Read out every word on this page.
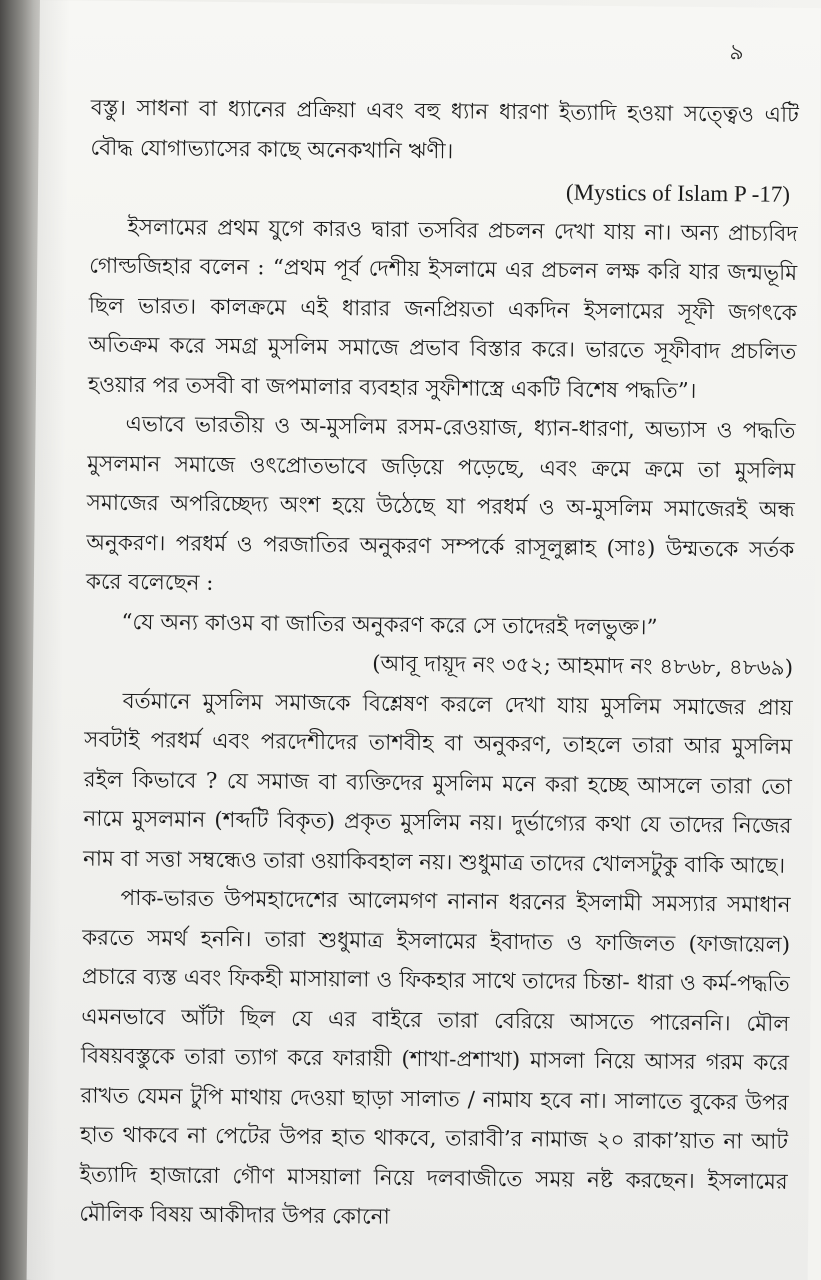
৯

বস্তু। সাধনা বা ধ্যানের প্রক্রিয়া এবং বহু ধ্যান ধারণা ইত্যাদি হওয়া সত্ত্বেও এটি বৌদ্ধ যোগাভ্যাসের কাছে অনেকখানি ঋণী।

(Mystics of Islam P -17)

ইসলামের প্রথম যুগে কারও দ্বারা তসবির প্রচলন দেখা যায় না। অন্য প্রাচ্যবিদ গোল্ডজিহার বলেন : “প্রথম পূর্ব দেশীয় ইসলামে এর প্রচলন লক্ষ করি যার জন্মভূমি ছিল ভারত। কালক্রমে এই ধারার জনপ্রিয়তা একদিন ইসলামের সূফী জগৎকে অতিক্রম করে সমগ্র মুসলিম সমাজে প্রভাব বিস্তার করে। ভারতে সূফীবাদ প্রচলিত হওয়ার পর তসবী বা জপমালার ব্যবহার সুফীশাস্ত্রে একটি বিশেষ পদ্ধতি”।

এভাবে ভারতীয় ও অ-মুসলিম রসম-রেওয়াজ, ধ্যান-ধারণা, অভ্যাস ও পদ্ধতি মুসলমান সমাজে ওৎপ্রোতভাবে জড়িয়ে পড়েছে, এবং ক্রমে ক্রমে তা মুসলিম সমাজের অপরিচ্ছেদ্য অংশ হয়ে উঠেছে যা পরধর্ম ও অ-মুসলিম সমাজেরই অন্ধ অনুকরণ। পরধর্ম ও পরজাতির অনুকরণ সম্পর্কে রাসূলুল্লাহ (সাঃ) উম্মতকে সর্তক করে বলেছেন :

“যে অন্য কাওম বা জাতির অনুকরণ করে সে তাদেরই দলভুক্ত।”

(আবূ দায়ূদ নং ৩৫২; আহমাদ নং ৪৮৬৮, ৪৮৬৯)

বর্তমানে মুসলিম সমাজকে বিশ্লেষণ করলে দেখা যায় মুসলিম সমাজের প্রায় সবটাই পরধর্ম এবং পরদেশীদের তাশবীহ বা অনুকরণ, তাহলে তারা আর মুসলিম রইল কিভাবে ? যে সমাজ বা ব্যক্তিদের মুসলিম মনে করা হচ্ছে আসলে তারা তো নামে মুসলমান (শব্দটি বিকৃত) প্রকৃত মুসলিম নয়। দুর্ভাগ্যের কথা যে তাদের নিজের নাম বা সত্তা সম্বন্ধেও তারা ওয়াকিবহাল নয়। শুধুমাত্র তাদের খোলসটুকু বাকি আছে।

পাক-ভারত উপমহাদেশের আলেমগণ নানান ধরনের ইসলামী সমস্যার সমাধান করতে সমর্থ হননি। তারা শুধুমাত্র ইসলামের ইবাদাত ও ফাজিলত (ফাজায়েল) প্রচারে ব্যস্ত এবং ফিকহী মাসায়ালা ও ফিকহার সাথে তাদের চিন্তা- ধারা ও কর্ম-পদ্ধতি এমনভাবে আঁটা ছিল যে এর বাইরে তারা বেরিয়ে আসতে পারেননি। মৌল বিষয়বস্তুকে তারা ত্যাগ করে ফারায়ী (শাখা-প্রশাখা) মাসলা নিয়ে আসর গরম করে রাখত যেমন টুপি মাথায় দেওয়া ছাড়া সালাত / নামায হবে না। সালাতে বুকের উপর হাত থাকবে না পেটের উপর হাত থাকবে, তারাবী’র নামাজ ২০ রাকা’য়াত না আট ইত্যাদি হাজারো গৌণ মাসয়ালা নিয়ে দলবাজীতে সময় নষ্ট করছেন। ইসলামের মৌলিক বিষয় আকীদার উপর কোনো
